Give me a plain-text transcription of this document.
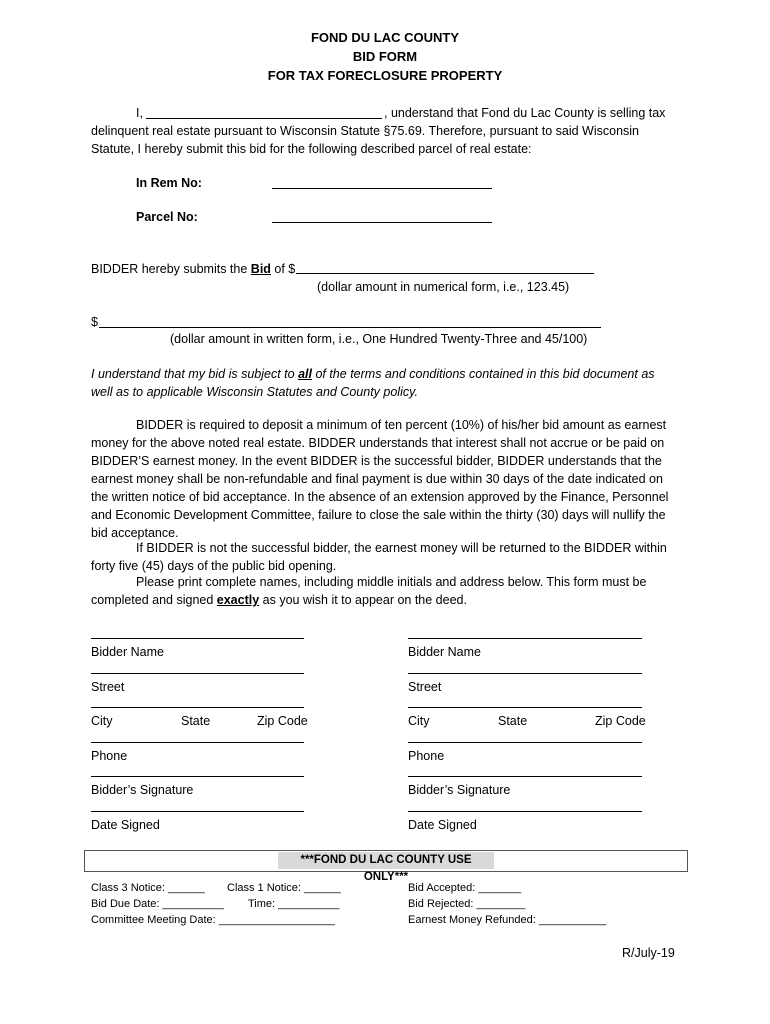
FOND DU LAC COUNTY
BID FORM
FOR TAX FORECLOSURE PROPERTY
I,	, understand that Fond du Lac County is selling tax
delinquent real estate pursuant to Wisconsin Statute §75.69. Therefore, pursuant to said Wisconsin Statute, I hereby submit this bid for the following described parcel of real estate:
In Rem No:
Parcel No:
BIDDER hereby submits the Bid of $
(dollar amount in numerical form, i.e., 123.45)
$
(dollar amount in written form, i.e., One Hundred Twenty-Three and 45/100)
I understand that my bid is subject to all of the terms and conditions contained in this bid document as well as to applicable Wisconsin Statutes and County policy.
BIDDER is required to deposit a minimum of ten percent (10%) of his/her bid amount as earnest money for the above noted real estate. BIDDER understands that interest shall not accrue or be paid on BIDDER’S earnest money. In the event BIDDER is the successful bidder, BIDDER understands that the earnest money shall be non-refundable and final payment is due within 30 days of the date indicated on the written notice of bid acceptance. In the absence of an extension approved by the Finance, Personnel and Economic Development Committee, failure to close the sale within the thirty (30) days will nullify the bid acceptance.
If BIDDER is not the successful bidder, the earnest money will be returned to the BIDDER within forty five (45) days of the public bid opening.
Please print complete names, including middle initials and address below. This form must be completed and signed exactly as you wish it to appear on the deed.
Bidder Name
Street
City	State	Zip Code
Phone
Bidder’s Signature
Date Signed
Bidder Name
Street
City	State	Zip Code
Phone
Bidder’s Signature
Date Signed
***FOND DU LAC COUNTY USE ONLY***
Class 3 Notice: ______ Class 1 Notice: ______
Bid Due Date: __________ Time: __________
Committee Meeting Date: ___________________
Bid Accepted: _______
Bid Rejected: ________
Earnest Money Refunded: ___________
R/July-19
